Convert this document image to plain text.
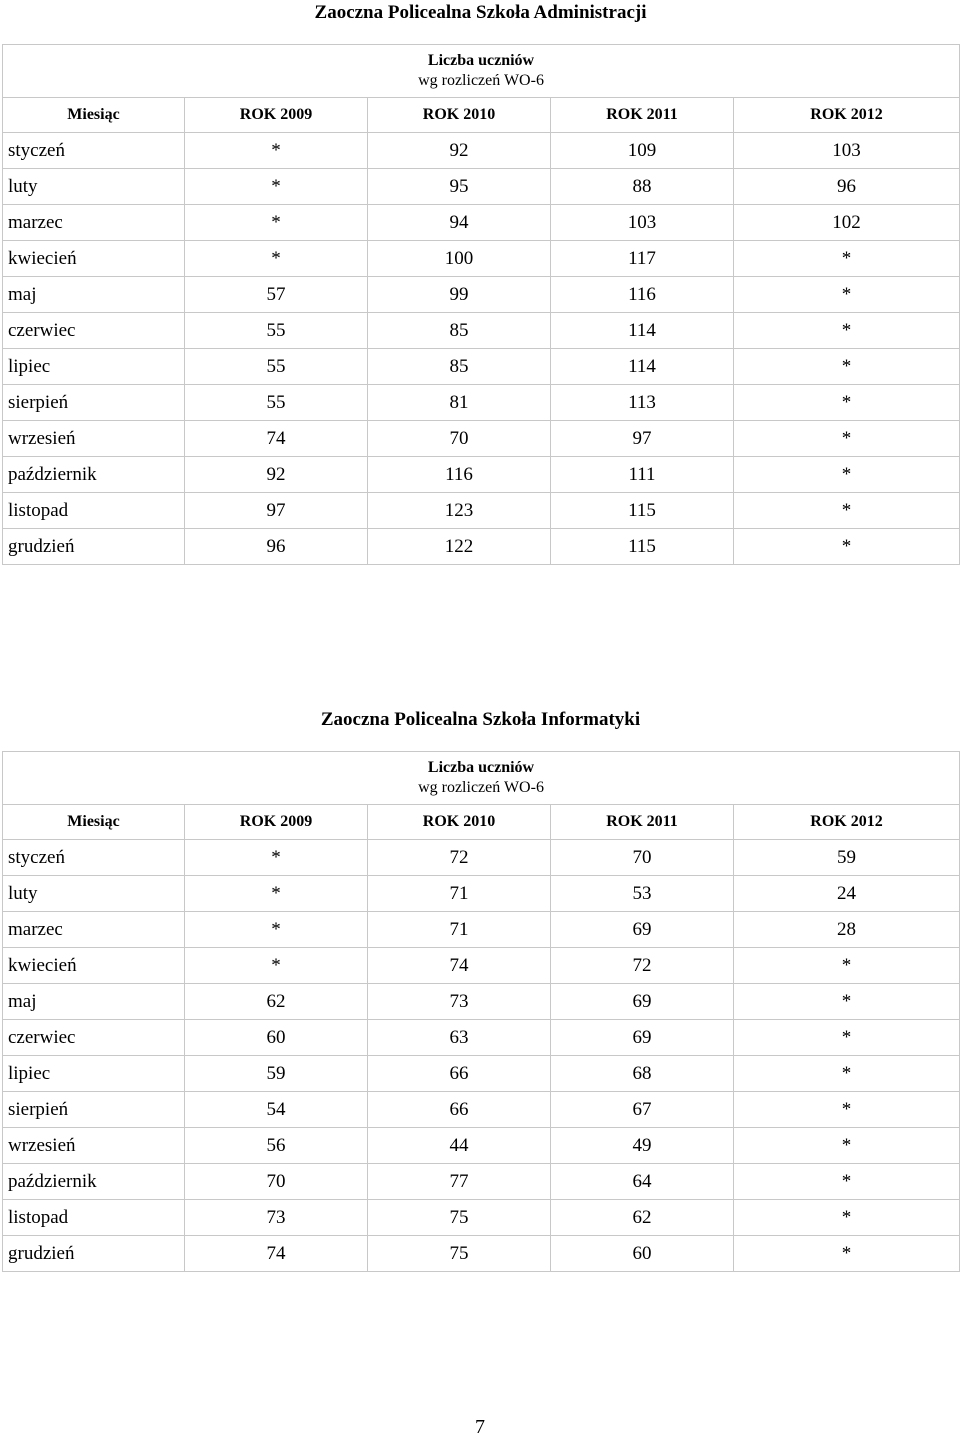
Zaoczna Policealna Szkoła Administracji
Liczba uczniów
wg rozliczeń WO-6				

Miesiąc	ROK 2009	ROK 2010	ROK 2011	ROK 2012
styczeń	*	92	109	103
luty	*	95	88	96
marzec	*	94	103	102
kwiecień	*	100	117	*
maj	57	99	116	*
czerwiec	55	85	114	*
lipiec	55	85	114	*
sierpień	55	81	113	*
wrzesień	74	70	97	*
październik	92	116	111	*
listopad	97	123	115	*
grudzień	96	122	115	*
Zaoczna Policealna Szkoła Informatyki
Liczba uczniów
wg rozliczeń WO-6				

Miesiąc	ROK 2009	ROK 2010	ROK 2011	ROK 2012
styczeń	*	72	70	59
luty	*	71	53	24
marzec	*	71	69	28
kwiecień	*	74	72	*
maj	62	73	69	*
czerwiec	60	63	69	*
lipiec	59	66	68	*
sierpień	54	66	67	*
wrzesień	56	44	49	*
październik	70	77	64	*
listopad	73	75	62	*
grudzień	74	75	60	*
7
